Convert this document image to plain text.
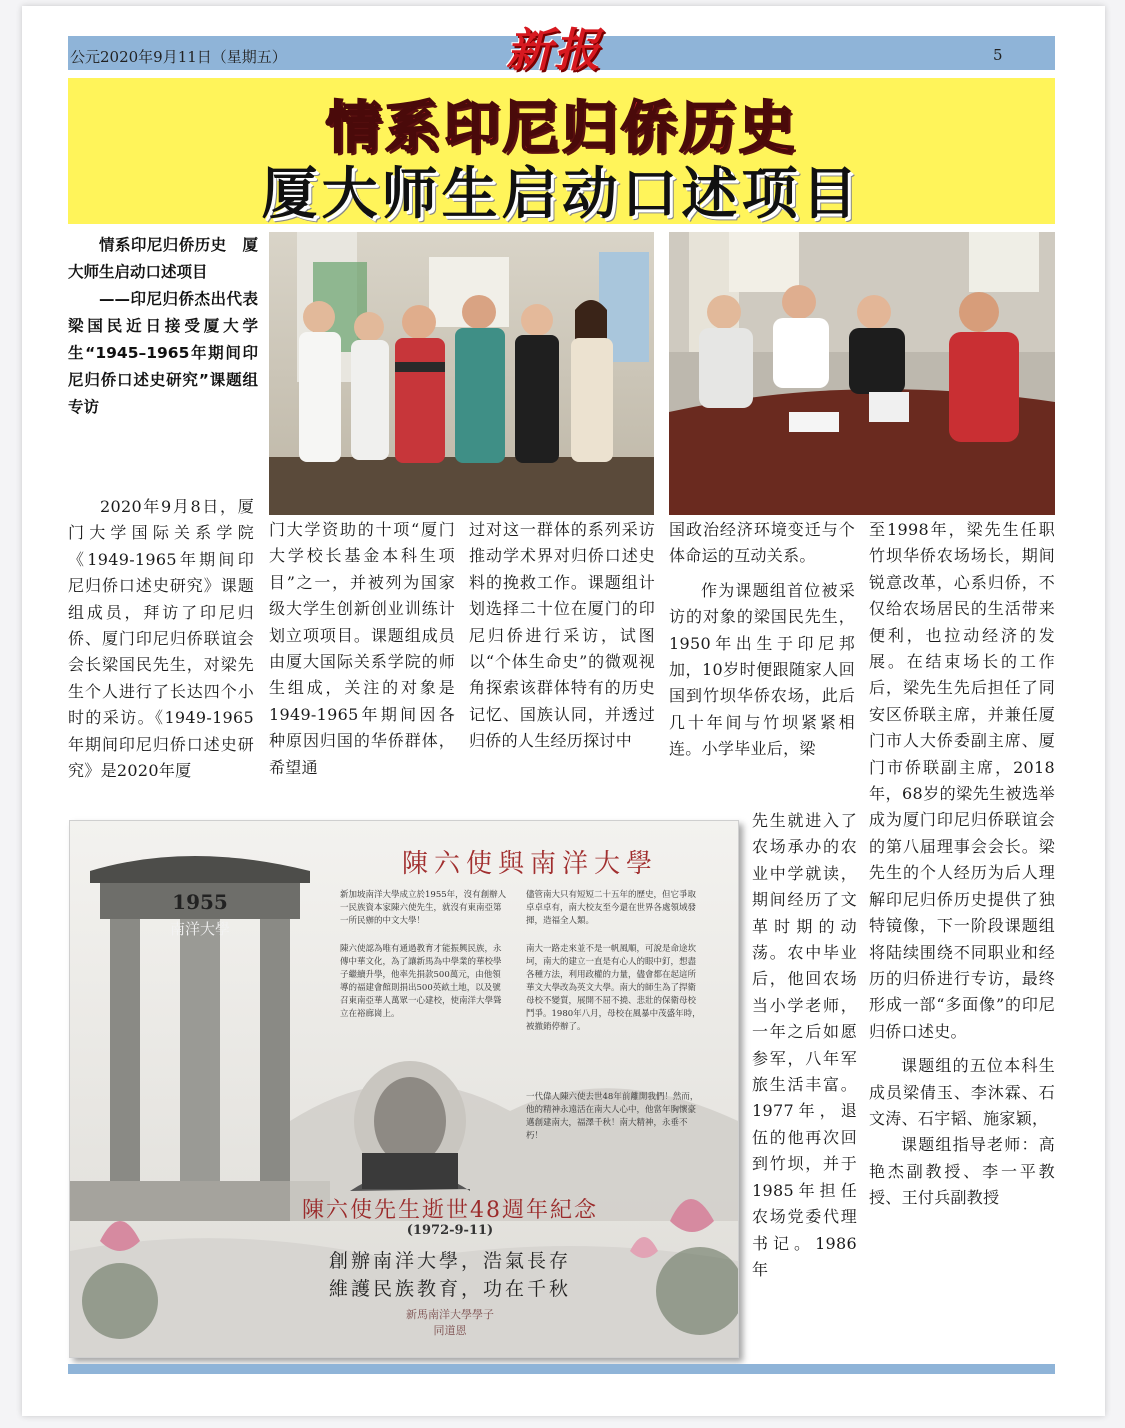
公元2020年9月11日（星期五）	5
新报
情系印尼归侨历史
厦大师生启动口述项目

情系印尼归侨历史　厦大师生启动口述项目

——印尼归侨杰出代表梁国民近日接受厦大学生“1945–1965年期间印尼归侨口述史研究”课题组专访

2020年9月8日，厦门大学国际关系学院《1949-1965年期间印尼归侨口述史研究》课题组成员，拜访了印尼归侨、厦门印尼归侨联谊会会长梁国民先生，对梁先生个人进行了长达四个小时的采访。《1949-1965年期间印尼归侨口述史研究》是2020年厦

门大学资助的十项“厦门大学校长基金本科生项目”之一，并被列为国家级大学生创新创业训练计划立项项目。课题组成员由厦大国际关系学院的师生组成，关注的对象是1949-1965年期间因各种原因归国的华侨群体，希望通

过对这一群体的系列采访推动学术界对归侨口述史料的挽救工作。课题组计划选择二十位在厦门的印尼归侨进行采访，试图以“个体生命史”的微观视角探索该群体特有的历史记忆、国族认同，并透过归侨的人生经历探讨中

国政治经济环境变迁与个体命运的互动关系。

作为课题组首位被采访的对象的梁国民先生，1950年出生于印尼邦加，10岁时便跟随家人回国到竹坝华侨农场，此后几十年间与竹坝紧紧相连。小学毕业后，梁

先生就进入了农场承办的农业中学就读，期间经历了文革时期的动荡。农中毕业后，他回农场当小学老师，一年之后如愿参军，八年军旅生活丰富。1977年，退伍的他再次回到竹坝，并于1985年担任农场党委代理书记。1986年

至1998年，梁先生任职竹坝华侨农场场长，期间锐意改革，心系归侨，不仅给农场居民的生活带来便利，也拉动经济的发展。在结束场长的工作后，梁先生先后担任了同安区侨联主席，并兼任厦门市人大侨委副主席、厦门市侨联副主席，2018年，68岁的梁先生被选举成为厦门印尼归侨联谊会的第八届理事会会长。梁先生的个人经历为后人理解印尼归侨历史提供了独特镜像，下一阶段课题组将陆续围绕不同职业和经历的归侨进行专访，最终形成一部“多面像”的印尼归侨口述史。

课题组的五位本科生成员梁倩玉、李沐霖、石文涛、石宇韬、施家颖，

课题组指导老师：高艳杰副教授、李一平教授、王付兵副教授

1955
南洋大學
陳六使與南洋大學
新加坡南洋大學成立於1955年，沒有創辦人一民族資本家陳六使先生，就沒有東南亞第一所民辦的中文大學！
陳六使認為唯有通過教育才能振興民族，永傳中華文化，為了讓新馬為中學業的華校學子繼續升學，他率先捐款500萬元，由他領導的福建會館則捐出500英畝土地，以及號召東南亞華人萬眾一心建校，使南洋大學聳立在裕廊崗上。
儘管南大只有短短二十五年的歷史，但它爭取卓卓卓有，南大校友至今還在世界各處領域發揮，造福全人類。
南大一路走來並不是一帆風順，可說是命途坎坷，南大的建立一直是有心人的眼中釘，想盡各種方法，利用政權的力量，儘會都在起這所華文大學改為英文大學。南大的師生為了捍衛母校不變質，展開不屈不撓、悲壯的保衛母校鬥爭。1980年八月，母校在風暴中茂盛年時，被撤銷停辦了。
一代偉人陳六使去世48年前離開我們！然而，他的精神永遠活在南大人心中，他當年胸懷豪邁創建南大，福澤千秋！南大精神，永垂不朽！
陳六使先生逝世48週年紀念
(1972-9-11)
創辦南洋大學，浩氣長存
維護民族教育，功在千秋
新馬南洋大學學子
同道恩
